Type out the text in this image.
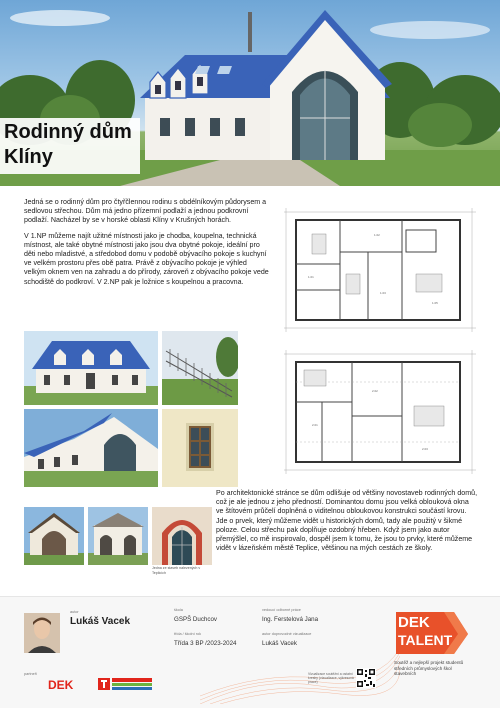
Rodinný dům
Klíny

Jedná se o rodinný dům pro čtyřčlennou rodinu s obdélníkovým půdorysem a sedlovou střechou. Dům má jedno přízemní podlaží a jednou podkrovní podlaží. Nacházel by se v horské oblasti Klíny v Krušných horách.

V 1.NP můžeme najít užitné místnosti jako je chodba, koupelna, technická místnost, ale také obytné místnosti jako jsou dva obytné pokoje, ideální pro děti nebo mladistvé, a středobod domu v podobě obývacího pokoje s kuchyní ve velkém prostoru přes obě patra. Právě z obývacího pokoje je výhled velkým oknem ven na zahradu a do přírody, zároveň z obývacího pokoje vede schodiště do podkroví. V 2.NP pak je ložnice s koupelnou a pracovna.

Jedna ze staveb nalezených v Teplicích
Po architektonické stránce se dům odlišuje od většiny novostaveb rodinných domů, což je ale jednou z jeho předností. Dominantou domu jsou velká oblouková okna ve štítovém průčelí doplněná o viditelnou obloukovou konstrukci součástí krovu. Jde o prvek, který můžeme vidět u historických domů, tady ale použitý v šikmé poloze. Celou střechu pak doplňuje ozdobný hřeben. Když jsem jako autor přemýšlel, co mě inspirovalo, dospěl jsem k tomu, že jsou to prvky, které můžeme vidět v lázeňském městě Teplice, většinou na mých cestách ze školy.
1.01
1.02
1.05
1.03
2.01
2.02
2.03
autor
Lukáš Vacek
škola
GSPŠ Duchcov
třída / školní rok
Třída 3 BP /2023-2024
vedoucí odborné práce
Ing. Ferstelová Jana
autor doprovodné vizualizace
Lukáš Vacek
DEK
TALENT
Soutěž a nejlepší projekt studentů středních průmyslových škol stavebních
partneři
DEK
Vizualizace soutěžní a ostatní kresby (vizualizace, výkresová prace)
